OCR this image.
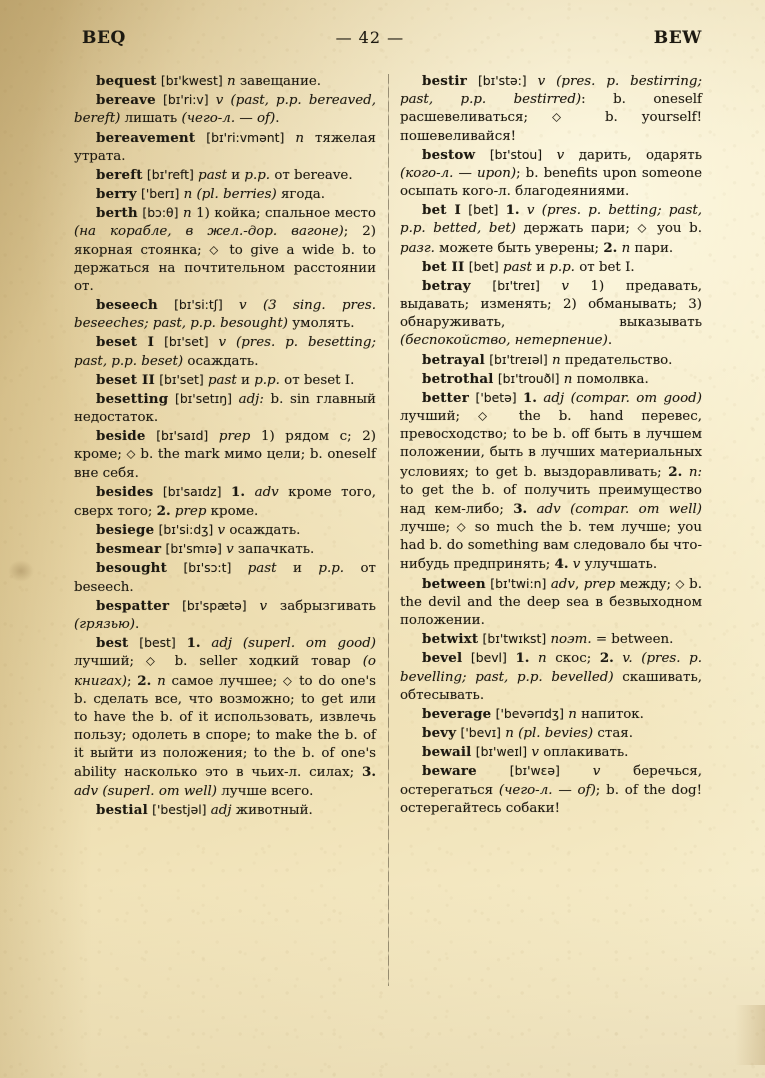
BEQ	— 42 —	BEW

bequest [bɪ'kwest] n завещание.

bereave [bɪ'ri:v] v (past, p.p. bereaved, bereft) лишать (чего-л. — of).

bereavement [bɪ'ri:vmənt] n тяжелая утрата.

bereft [bɪ'reft] past и p.p. от bereave.

berry ['berɪ] n (pl. berries) ягода.

berth [bɔ:θ] n 1) койка; спальное место (на корабле, в жел.-дор. вагоне); 2) якорная стоянка; ◇ to give a wide b. to держаться на почтительном расстоянии от.

beseech [bɪ'si:tʃ] v (3 sing. pres. beseeches; past, p.p. besought) умолять.

beset I [bɪ'set] v (pres. p. besetting; past, p.p. beset) осаждать.

beset II [bɪ'set] past и p.p. от beset I.

besetting [bɪ'setɪŋ] adj: b. sin главный недостаток.

beside [bɪ'saɪd] prep 1) рядом с; 2) кроме; ◇ b. the mark мимо цели; b. oneself вне себя.

besides [bɪ'saɪdz] 1. adv кроме того, сверх того; 2. prep кроме.

besiege [bɪ'si:dʒ] v осаждать.

besmear [bɪ'smɪə] v запачкать.

besought [bɪ'sɔ:t] past и p.p. от beseech.

bespatter [bɪ'spætə] v забрызгивать (грязью).

best [best] 1. adj (superl. от good) лучший; ◇ b. seller ходкий товар (о книгах); 2. n самое лучшее; ◇ to do one's b. сделать все, что возможно; to get или to have the b. of it использовать, извлечь пользу; одолеть в споре; to make the b. of it выйти из положения; to the b. of one's ability насколько это в чьих-л. силах; 3. adv (superl. от well) лучше всего.

bestial ['bestjəl] adj животный.

bestir [bɪ'stə:] v (pres. p. bestirring; past, p.p. bestirred): b. oneself расшевеливаться; ◇ b. yourself! пошевеливайся!

bestow [bɪ'stou] v дарить, одарять (кого-л. — upon); b. benefits upon someone осыпать кого-л. благодеяниями.

bet I [bet] 1. v (pres. p. betting; past, p.p. betted, bet) держать пари; ◇ you b. разг. можете быть уверены; 2. n пари.

bet II [bet] past и p.p. от bet I.

betray [bɪ'treɪ] v 1) предавать, выдавать; изменять; 2) обманывать; 3) обнаруживать, выказывать (беспокойство, нетерпение).

betrayal [bɪ'treɪəl] n предательство.

betrothal [bɪ'trouðl] n помолвка.

better ['betə] 1. adj (compar. от good) лучший; ◇ the b. hand перевес, превосходство; to be b. off быть в лучшем положении, быть в лучших материальных условиях; to get b. выздоравливать; 2. n: to get the b. of получить преимущество над кем-либо; 3. adv (compar. от well) лучше; ◇ so much the b. тем лучше; you had b. do something вам следовало бы что-нибудь предпринять; 4. v улучшать.

between [bɪ'twi:n] adv, prep между; ◇ b. the devil and the deep sea в безвыходном положении.

betwixt [bɪ'twɪkst] поэт. = between.

bevel [bevl] 1. n скос; 2. v. (pres. p. bevelling; past, p.p. bevelled) скашивать, обтесывать.

beverage ['bevərɪdʒ] n напиток.

bevy ['bevɪ] n (pl. bevies) стая.

bewail [bɪ'weɪl] v оплакивать.

beware	[bɪ'wɛə] v беречься, остерегаться (чего-л. — of); b. of the dog! остерегайтесь собаки!
